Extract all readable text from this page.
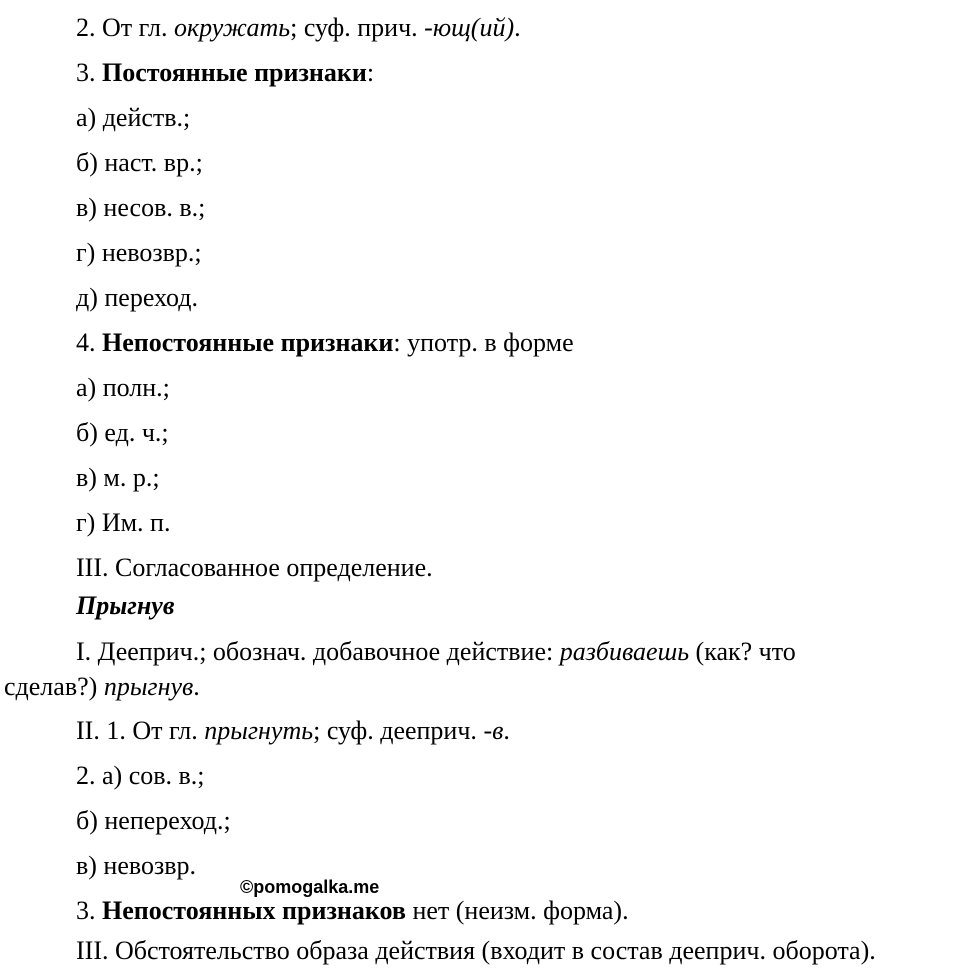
2. От гл. окружать; суф. прич. -ющ(ий).
3. Постоянные признаки:
а) действ.;
б) наст. вр.;
в) несов. в.;
г) невозвр.;
д) переход.
4. Непостоянные признаки: употр. в форме
а) полн.;
б) ед. ч.;
в) м. р.;
г) Им. п.
III. Согласованное определение.
Прыгнув
I. Дееприч.; обознач. добавочное действие: разбиваешь (как? что
сделав?) прыгнув.
II. 1. От гл. прыгнуть; суф. дееприч. -в.
2. а) сов. в.;
б) непереход.;
в) невозвр.
©pomogalka.me
3. Непостоянных признаков нет (неизм. форма).
III. Обстоятельство образа действия (входит в состав дееприч. оборота).
